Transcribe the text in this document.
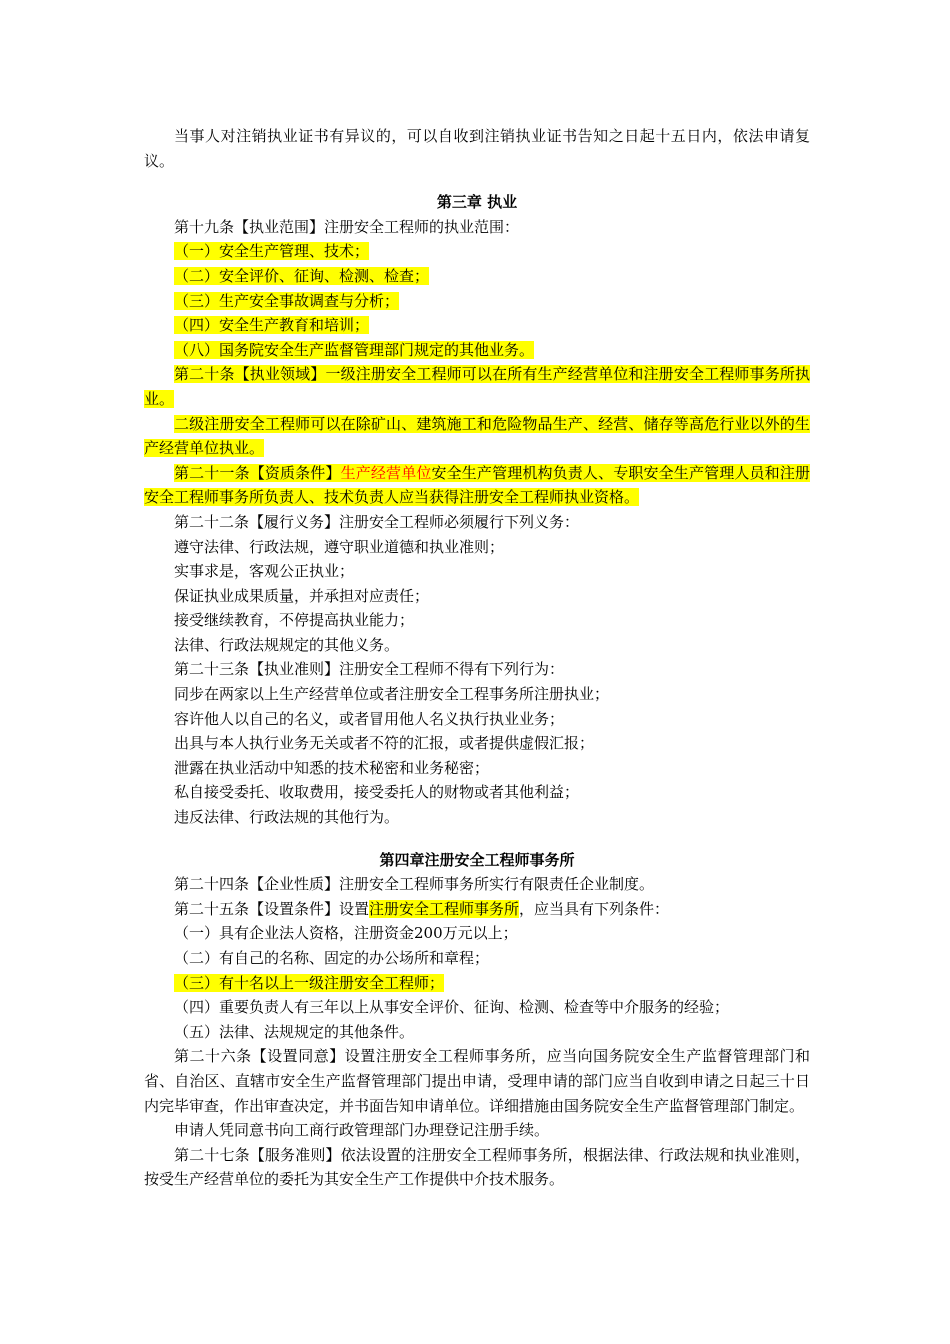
当事人对注销执业证书有异议的，可以自收到注销执业证书告知之日起十五日内，依法申请复议。

第三章 执业

第十九条【执业范围】注册安全工程师的执业范围：

（一）安全生产管理、技术；

（二）安全评价、征询、检测、检查；

（三）生产安全事故调查与分析；

（四）安全生产教育和培训；

（八）国务院安全生产监督管理部门规定的其他业务。

第二十条【执业领域】一级注册安全工程师可以在所有生产经营单位和注册安全工程师事务所执业。

二级注册安全工程师可以在除矿山、建筑施工和危险物品生产、经营、储存等高危行业以外的生产经营单位执业。

第二十一条【资质条件】生产经营单位安全生产管理机构负责人、专职安全生产管理人员和注册安全工程师事务所负责人、技术负责人应当获得注册安全工程师执业资格。

第二十二条【履行义务】注册安全工程师必须履行下列义务：

遵守法律、行政法规，遵守职业道德和执业准则；

实事求是，客观公正执业；

保证执业成果质量，并承担对应责任；

接受继续教育，不停提高执业能力；

法律、行政法规规定的其他义务。

第二十三条【执业准则】注册安全工程师不得有下列行为：

同步在两家以上生产经营单位或者注册安全工程事务所注册执业；

容许他人以自己的名义，或者冒用他人名义执行执业业务；

出具与本人执行业务无关或者不符的汇报，或者提供虚假汇报；

泄露在执业活动中知悉的技术秘密和业务秘密；

私自接受委托、收取费用，接受委托人的财物或者其他利益；

违反法律、行政法规的其他行为。

第四章注册安全工程师事务所

第二十四条【企业性质】注册安全工程师事务所实行有限责任企业制度。

第二十五条【设置条件】设置注册安全工程师事务所，应当具有下列条件：

（一）具有企业法人资格，注册资金200万元以上；

（二）有自己的名称、固定的办公场所和章程；

（三）有十名以上一级注册安全工程师；

（四）重要负责人有三年以上从事安全评价、征询、检测、检查等中介服务的经验；

（五）法律、法规规定的其他条件。

第二十六条【设置同意】设置注册安全工程师事务所，应当向国务院安全生产监督管理部门和省、自治区、直辖市安全生产监督管理部门提出申请，受理申请的部门应当自收到申请之日起三十日内完毕审查，作出审查决定，并书面告知申请单位。详细措施由国务院安全生产监督管理部门制定。

申请人凭同意书向工商行政管理部门办理登记注册手续。

第二十七条【服务准则】依法设置的注册安全工程师事务所，根据法律、行政法规和执业准则，按受生产经营单位的委托为其安全生产工作提供中介技术服务。
